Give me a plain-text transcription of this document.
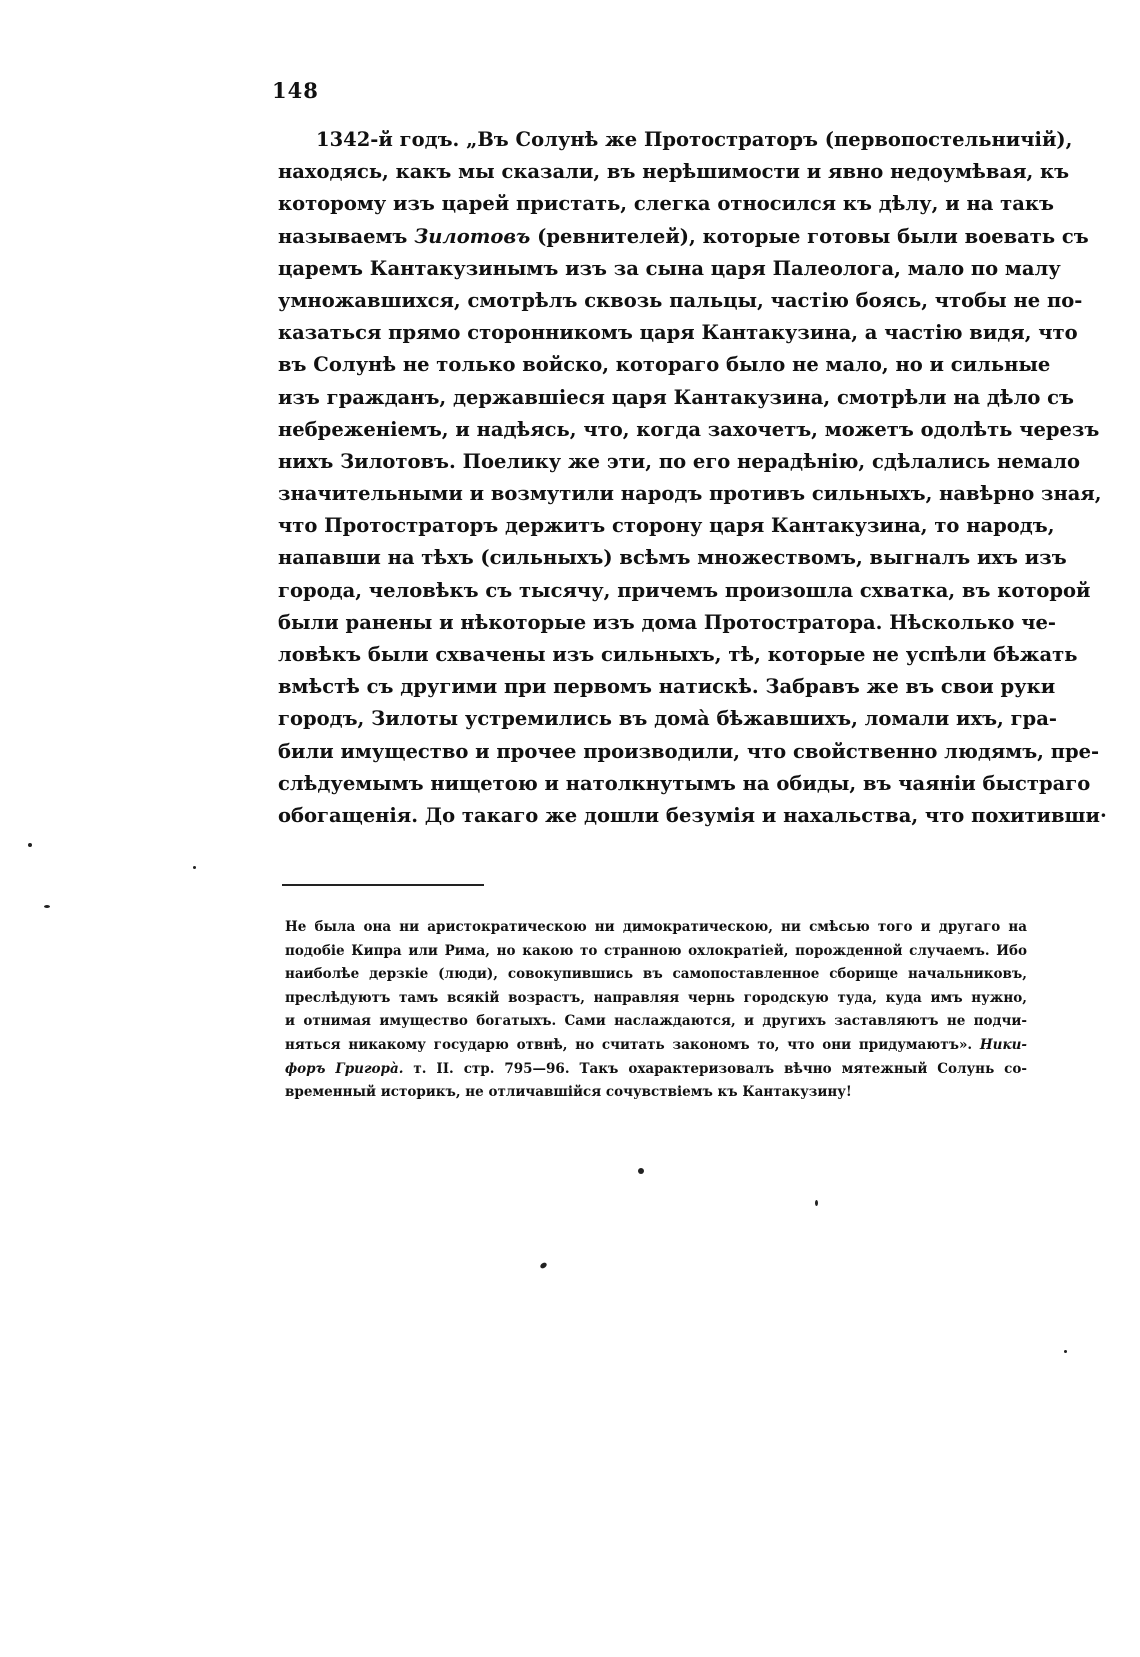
148
1342-й годъ. „Въ Солунѣ же Протостраторъ (первопостельничій),
находясь, какъ мы сказали, въ нерѣшимости и явно недоумѣвая, къ
которому изъ царей пристать, слегка относился къ дѣлу, и на такъ
называемъ Зилотовъ (ревнителей), которые готовы были воевать съ
царемъ Кантакузинымъ изъ за сына царя Палеолога, мало по малу
умножавшихся, смотрѣлъ сквозь пальцы, частію боясь, чтобы не по-
казаться прямо сторонникомъ царя Кантакузина, а частію видя, что
въ Солунѣ не только войско, котораго было не мало, но и сильные
изъ гражданъ, державшiеся царя Кантакузина, смотрѣли на дѣло съ
небреженіемъ, и надѣясь, что, когда захочетъ, можетъ одолѣть черезъ
нихъ Зилотовъ. Поелику же эти, по его нерадѣнію, сдѣлались немало
значительными и возмутили народъ противъ сильныхъ, навѣрно зная,
что Протостраторъ держитъ сторону царя Кантакузина, то народъ,
напавши на тѣхъ (сильныхъ) всѣмъ множествомъ, выгналъ ихъ изъ
города, человѣкъ съ тысячу, причемъ произошла схватка, въ которой
были ранены и нѣкоторые изъ дома Протостратора. Нѣсколько че-
ловѣкъ были схвачены изъ сильныхъ, тѣ, которые не успѣли бѣжать
вмѣстѣ съ другими при первомъ натискѣ. Забравъ же въ свои руки
городъ, Зилоты устремились въ домà бѣжавшихъ, ломали ихъ, гра-
били имущество и прочее производили, что свойственно людямъ, пре-
слѣдуемымъ нищетою и натолкнутымъ на обиды, въ чаяніи быстраго
обогащенія. До такаго же дошли безумія и нахальства, что похитивши·
Не была она ни аристократическою ни димократическою, ни смѣсью того и другаго на
подобіе Кипра или Рима, но какою то странною охлократіей, порожденной случаемъ. Ибо
наиболѣе дерзкіе (люди), совокупившись въ самопоставленное сборище начальниковъ,
преслѣдуютъ тамъ всякій возрастъ, направляя чернь городскую туда, куда имъ нужно,
и отнимая имущество богатыхъ. Сами наслаждаются, и другихъ заставляютъ не подчи-
няться никакому государю отвнѣ, но считать закономъ то, что они придумаютъ». Ники-
форъ Григорà. т. II. стр. 795—96. Такъ охарактеризовалъ вѣчно мятежный Солунь со-
временный историкъ, не отличавшійся сочувствіемъ къ Кантакузину!
